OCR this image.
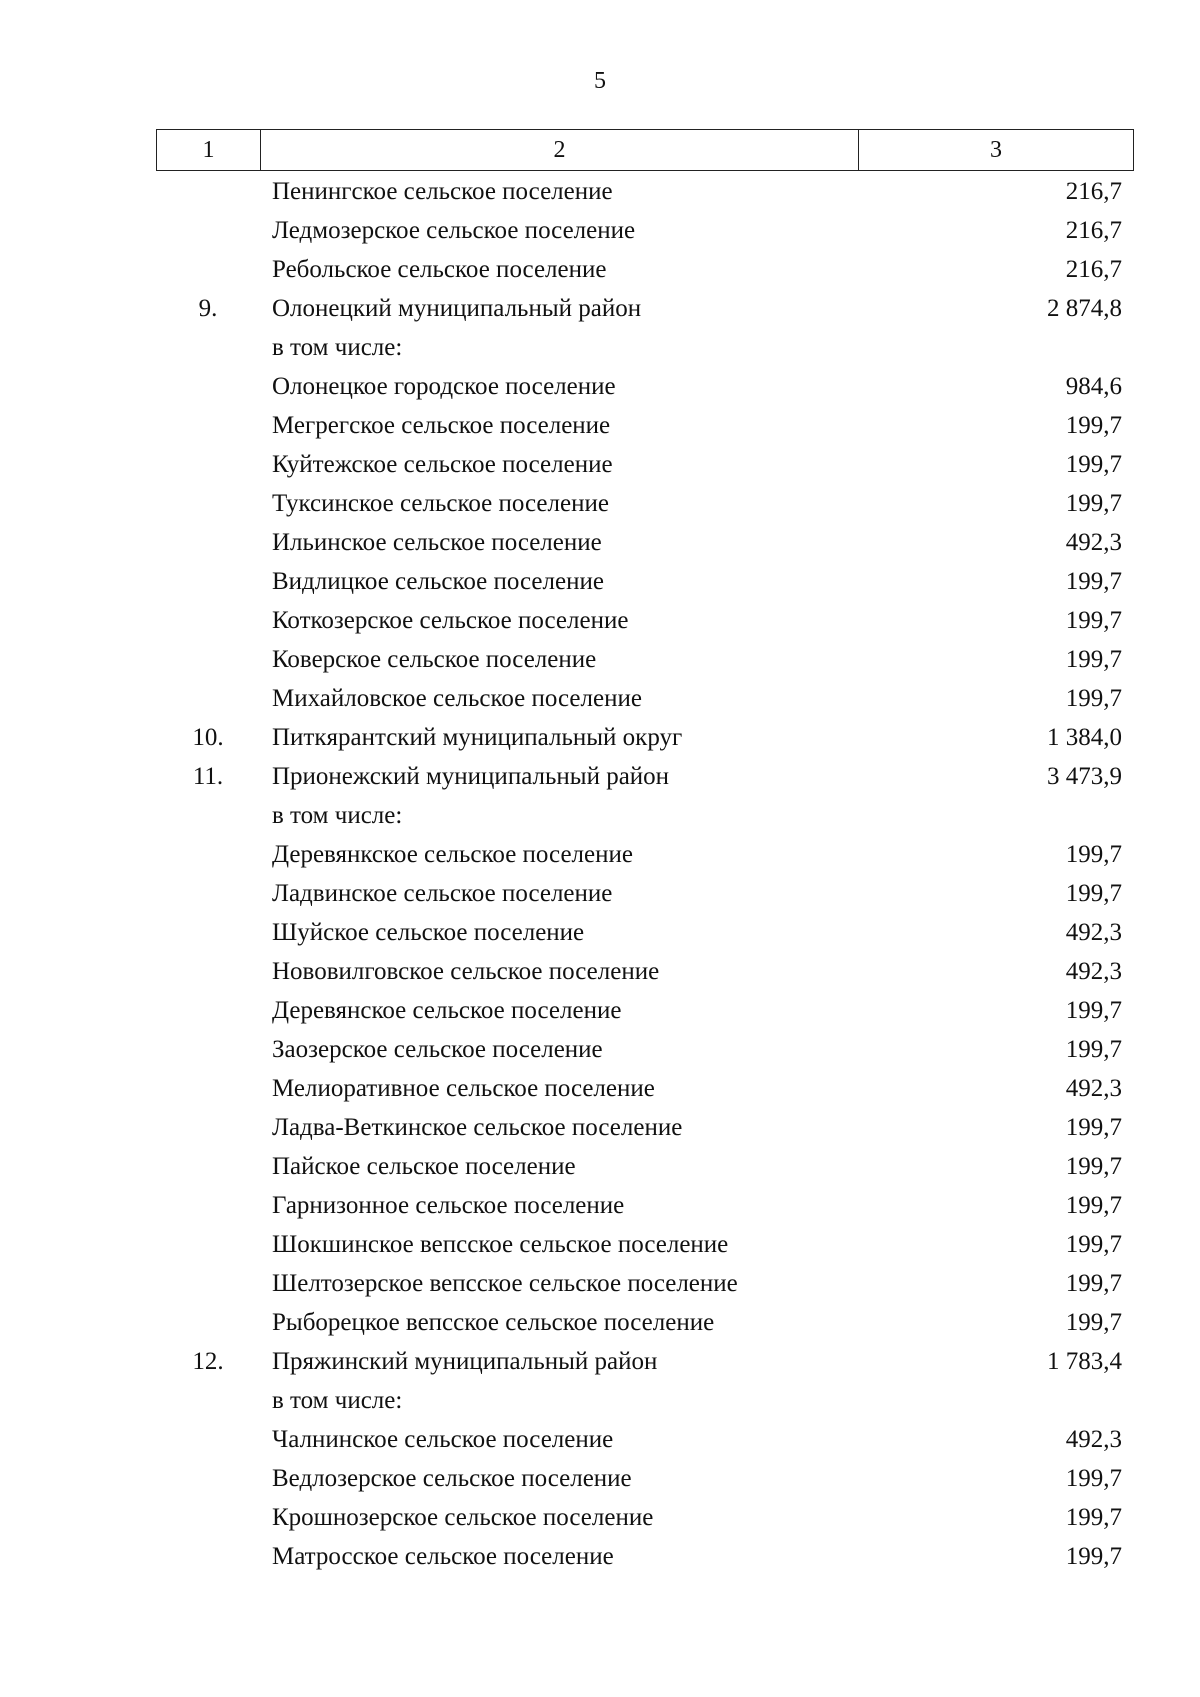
5
1	2	3
Пенингское сельское поселение	216,7
Ледмозерское сельское поселение	216,7
Ребольское сельское поселение	216,7
9.	Олонецкий муниципальный район	2 874,8
в том числе:
Олонецкое городское поселение	984,6
Мегрегское сельское поселение	199,7
Куйтежское сельское поселение	199,7
Туксинское сельское поселение	199,7
Ильинское сельское поселение	492,3
Видлицкое сельское поселение	199,7
Коткозерское сельское поселение	199,7
Коверское сельское поселение	199,7
Михайловское сельское поселение	199,7
10.	Питкярантский муниципальный округ	1 384,0
11.	Прионежский муниципальный район	3 473,9
в том числе:
Деревянкское сельское поселение	199,7
Ладвинское сельское поселение	199,7
Шуйское сельское поселение	492,3
Нововилговское сельское поселение	492,3
Деревянское сельское поселение	199,7
Заозерское сельское поселение	199,7
Мелиоративное сельское поселение	492,3
Ладва-Веткинское сельское поселение	199,7
Пайское сельское поселение	199,7
Гарнизонное сельское поселение	199,7
Шокшинское вепсское сельское поселение	199,7
Шелтозерское вепсское сельское поселение	199,7
Рыборецкое вепсское сельское поселение	199,7
12.	Пряжинский муниципальный район	1 783,4
в том числе:
Чалнинское сельское поселение	492,3
Ведлозерское сельское поселение	199,7
Крошнозерское сельское поселение	199,7
Матросское сельское поселение	199,7
